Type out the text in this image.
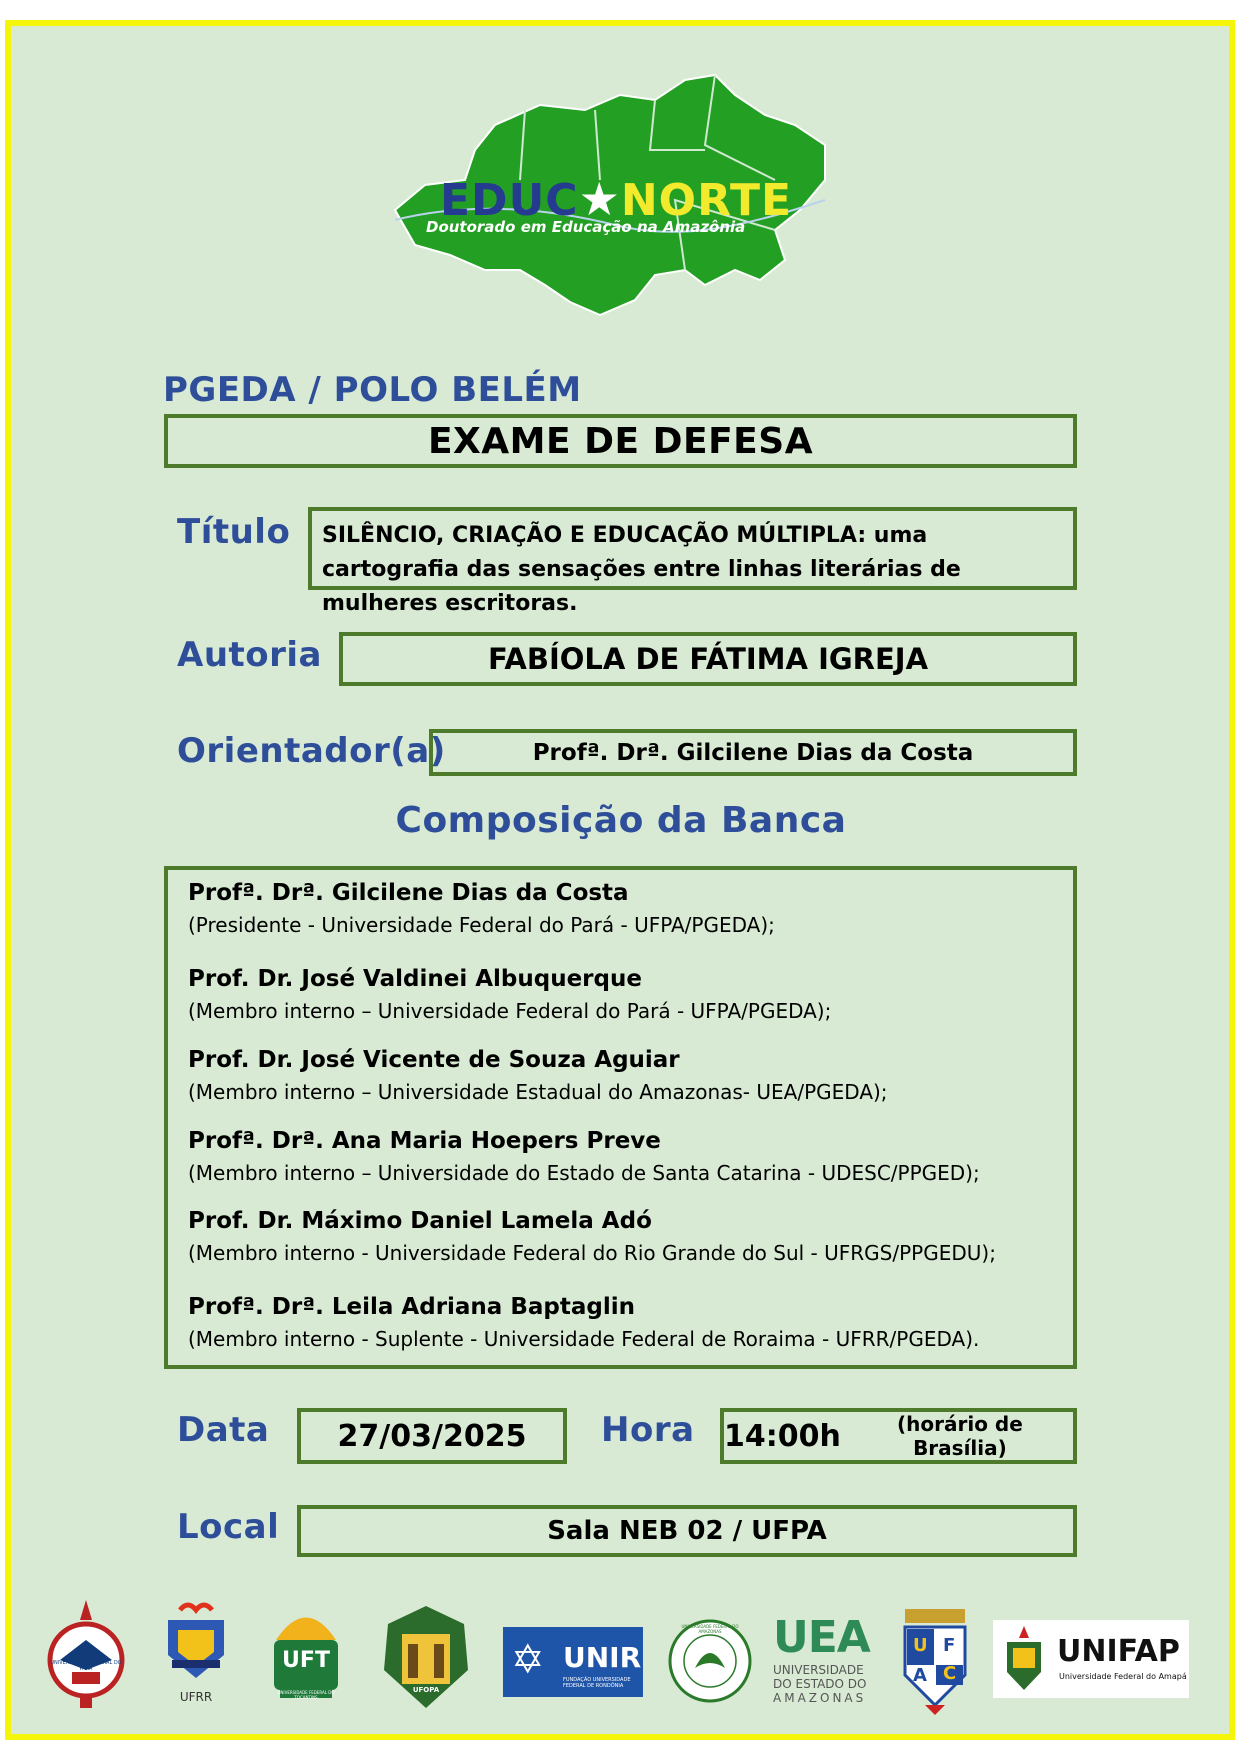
EDUC★NORTE
Doutorado em Educação na Amazônia
PGEDA / POLO BELÉM
EXAME DE DEFESA
Título SILÊNCIO, CRIAÇÃO E EDUCAÇÃO MÚLTIPLA: uma cartografia das sensações entre linhas literárias de mulheres escritoras.
Autoria	FABÍOLA DE FÁTIMA IGREJA
Orientador(a)	Profª. Drª. Gilcilene Dias da Costa
Composição da Banca
Profª. Drª. Gilcilene Dias da Costa
(Presidente - Universidade Federal do Pará - UFPA/PGEDA);
Prof. Dr. José Valdinei Albuquerque
(Membro interno – Universidade Federal do Pará - UFPA/PGEDA);
Prof. Dr. José Vicente de Souza Aguiar
(Membro interno – Universidade Estadual do Amazonas- UEA/PGEDA);
Profª. Drª. Ana Maria Hoepers Preve
(Membro interno – Universidade do Estado de Santa Catarina - UDESC/PPGED);
Prof. Dr. Máximo Daniel Lamela Adó
(Membro interno - Universidade Federal do Rio Grande do Sul - UFRGS/PPGEDU);
Profª. Drª. Leila Adriana Baptaglin
(Membro interno - Suplente - Universidade Federal de Roraima - UFRR/PGEDA).
Data 27/03/2025 Hora 14:00h	(horário de Brasília)
Local	Sala NEB 02 / UFPA
UNIVERSIDADE FEDERAL DO PARÁ
UFRR
UFT
UNIVERSIDADE FEDERAL DO TOCANTINS
UFOPA
✡ UNIR
FUNDAÇÃO UNIVERSIDADE FEDERAL DE RONDÔNIA
UNIVERSIDADE FEDERAL DO AMAZONAS	UEA
UNIVERSIDADE
DO ESTADO DO
AMAZONAS
U F
A C
UNIFAP
Universidade Federal do Amapá
